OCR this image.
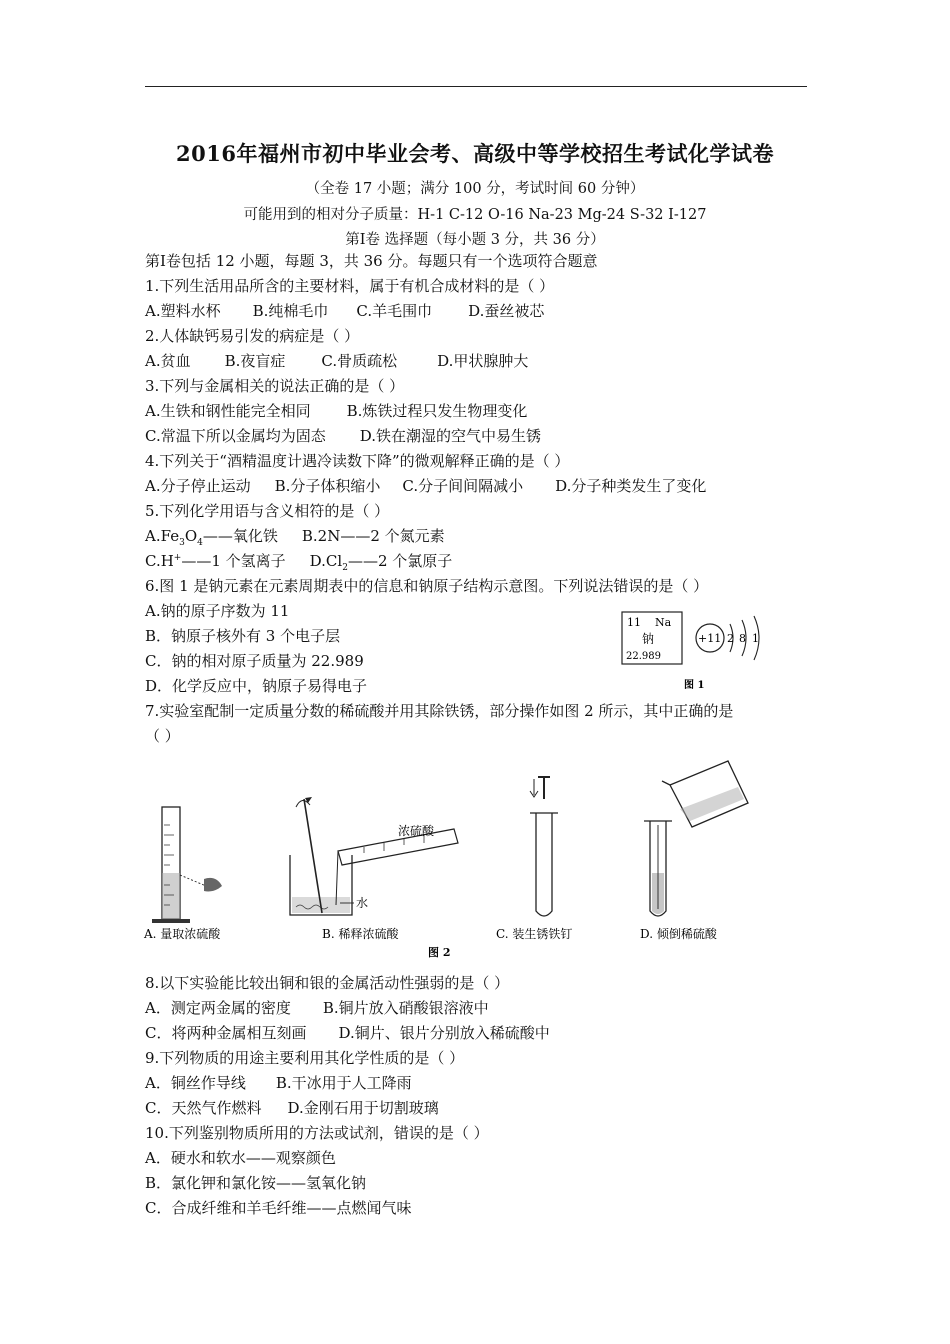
2016年福州市初中毕业会考、高级中等学校招生考试化学试卷
（全卷 17 小题；满分 100 分，考试时间 60 分钟）
可能用到的相对分子质量：H-1 C-12 O-16 Na-23 Mg-24 S-32 I-127
第Ⅰ卷 选择题（每小题 3 分，共 36 分）
第Ⅰ卷包括 12 小题，每题 3，共 36 分。每题只有一个选项符合题意
1.下列生活用品所含的主要材料，属于有机合成材料的是（ ）
A.塑料水杯 B.纯棉毛巾 C.羊毛围巾 D.蚕丝被芯
2.人体缺钙易引发的病症是（ ）
A.贫血 B.夜盲症 C.骨质疏松	D.甲状腺肿大
3.下列与金属相关的说法正确的是（ ）
A.生铁和钢性能完全相同 B.炼铁过程只发生物理变化
C.常温下所以金属均为固态 D.铁在潮湿的空气中易生锈
4.下列关于“酒精温度计遇冷读数下降”的微观解释正确的是（ ）
A.分子停止运动 B.分子体积缩小 C.分子间间隔减小 D.分子种类发生了变化
5.下列化学用语与含义相符的是（ ）
$A.Fe_3O_4——$氧化铁 B.2N——2 个氮元素
C.H+——1 个氢离子 $D.Cl_2——2$ 个氯原子
6.图 1 是钠元素在元素周期表中的信息和钠原子结构示意图。下列说法错误的是（ ）
A.钠的原子序数为 11
B．钠原子核外有 3 个电子层
C．钠的相对原子质量为 22.989
D．化学反应中，钠原子易得电子
11 Na
钠
22.989
+11 2 8 1
图 1
7.实验室配制一定质量分数的稀硫酸并用其除铁锈，部分操作如图 2 所示，其中正确的是
（ ）
A. 量取浓硫酸
浓硫酸
水
B. 稀释浓硫酸	C. 装生锈铁钉	D. 倾倒稀硫酸
图 2
8.以下实验能比较出铜和银的金属活动性强弱的是（ ）
A．测定两金属的密度 B.铜片放入硝酸银溶液中
C．将两种金属相互刻画 D.铜片、银片分别放入稀硫酸中
9.下列物质的用途主要利用其化学性质的是（ ）
A．铜丝作导线 B.干冰用于人工降雨
C．天然气作燃料 D.金刚石用于切割玻璃
10.下列鉴别物质所用的方法或试剂，错误的是（ ）
A．硬水和软水——观察颜色
B．氯化钾和氯化铵——氢氧化钠
C．合成纤维和羊毛纤维——点燃闻气味
